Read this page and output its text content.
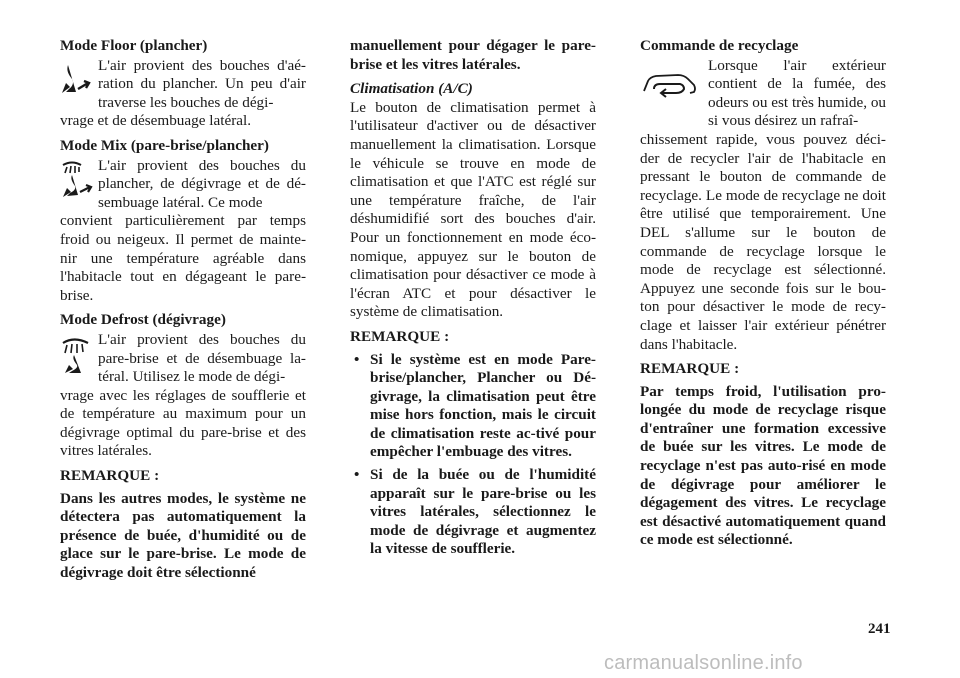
Mode Floor (plancher)

L'air provient des bouches d'aé-ration du plancher. Un peu d'air traverse les bouches de dégi-

vrage et de désembuage latéral.

Mode Mix (pare-brise/plancher)

L'air provient des bouches du plancher, de dégivrage et de dé-sembuage latéral. Ce mode

convient particulièrement par temps froid ou neigeux. Il permet de mainte-nir une température agréable dans l'habitacle tout en dégageant le pare-brise.

Mode Defrost (dégivrage)

L'air provient des bouches du pare-brise et de désembuage la-téral. Utilisez le mode de dégi-

vrage avec les réglages de soufflerie et de température au maximum pour un dégivrage optimal du pare-brise et des vitres latérales.

REMARQUE :

Dans les autres modes, le système ne détectera pas automatiquement la présence de buée, d'humidité ou de glace sur le pare-brise. Le mode de dégivrage doit être sélectionné

manuellement pour dégager le pare-brise et les vitres latérales.

Climatisation (A/C)

Le bouton de climatisation permet à l'utilisateur d'activer ou de désactiver manuellement la climatisation. Lorsque le véhicule se trouve en mode de climatisation et que l'ATC est réglé sur une température fraîche, de l'air déshumidifié sort des bouches d'air. Pour un fonctionnement en mode éco-nomique, appuyez sur le bouton de climatisation pour désactiver ce mode à l'écran ATC et pour désactiver le système de climatisation.

REMARQUE :

• Si le système est en mode Pare-brise/plancher, Plancher ou Dé-givrage, la climatisation peut être mise hors fonction, mais le circuit de climatisation reste ac-tivé pour empêcher l'embuage des vitres.
• Si de la buée ou de l'humidité apparaît sur le pare-brise ou les vitres latérales, sélectionnez le mode de dégivrage et augmentez la vitesse de soufflerie.

Commande de recyclage

Lorsque l'air extérieur contient de la fumée, des odeurs ou est très humide, ou si vous désirez un rafraî-

chissement rapide, vous pouvez déci-der de recycler l'air de l'habitacle en pressant le bouton de commande de recyclage. Le mode de recyclage ne doit être utilisé que temporairement. Une DEL s'allume sur le bouton de commande de recyclage lorsque le mode de recyclage est sélectionné. Appuyez une seconde fois sur le bou-ton pour désactiver le mode de recy-clage et laisser l'air extérieur pénétrer dans l'habitacle.

REMARQUE :

Par temps froid, l'utilisation pro-longée du mode de recyclage risque d'entraîner une formation excessive de buée sur les vitres. Le mode de recyclage n'est pas auto-risé en mode de dégivrage pour améliorer le dégagement des vitres. Le recyclage est désactivé automatiquement quand ce mode est sélectionné.

241
carmanualsonline.info
